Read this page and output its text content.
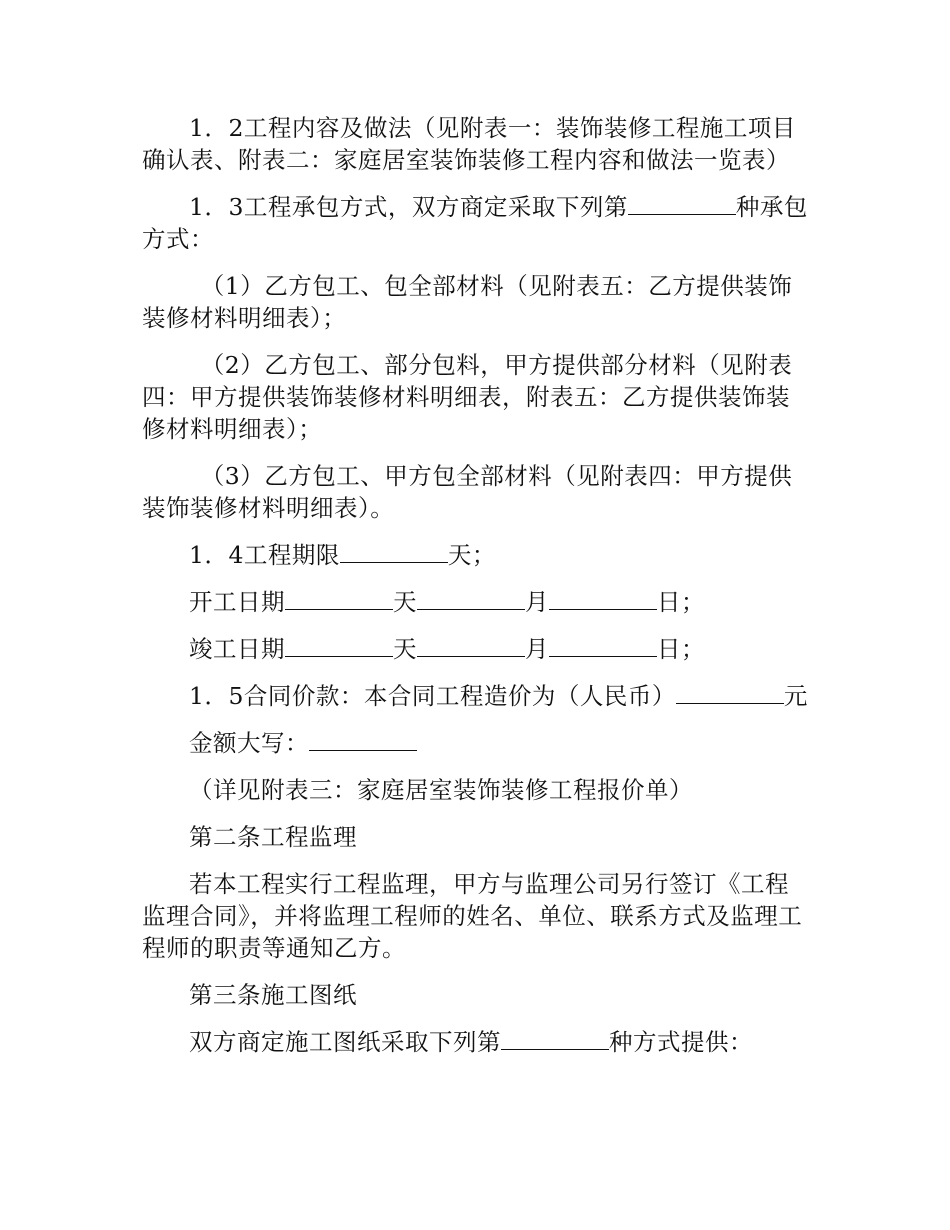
1．2工程内容及做法（见附表一：装饰装修工程施工项目确认表、附表二：家庭居室装饰装修工程内容和做法一览表）

1．3工程承包方式，双方商定采取下列第	种承包方式：

（1）乙方包工、包全部材料（见附表五：乙方提供装饰装修材料明细表）；

（2）乙方包工、部分包料，甲方提供部分材料（见附表四：甲方提供装饰装修材料明细表，附表五：乙方提供装饰装修材料明细表）；

（3）乙方包工、甲方包全部材料（见附表四：甲方提供装饰装修材料明细表）。

1．4工程期限	天；

开工日期	天	月	日；

竣工日期	天	月	日；

1．5合同价款：本合同工程造价为（人民币）	元

金额大写：

（详见附表三：家庭居室装饰装修工程报价单）

第二条工程监理

若本工程实行工程监理，甲方与监理公司另行签订《工程监理合同》，并将监理工程师的姓名、单位、联系方式及监理工程师的职责等通知乙方。

第三条施工图纸

双方商定施工图纸采取下列第	种方式提供：
